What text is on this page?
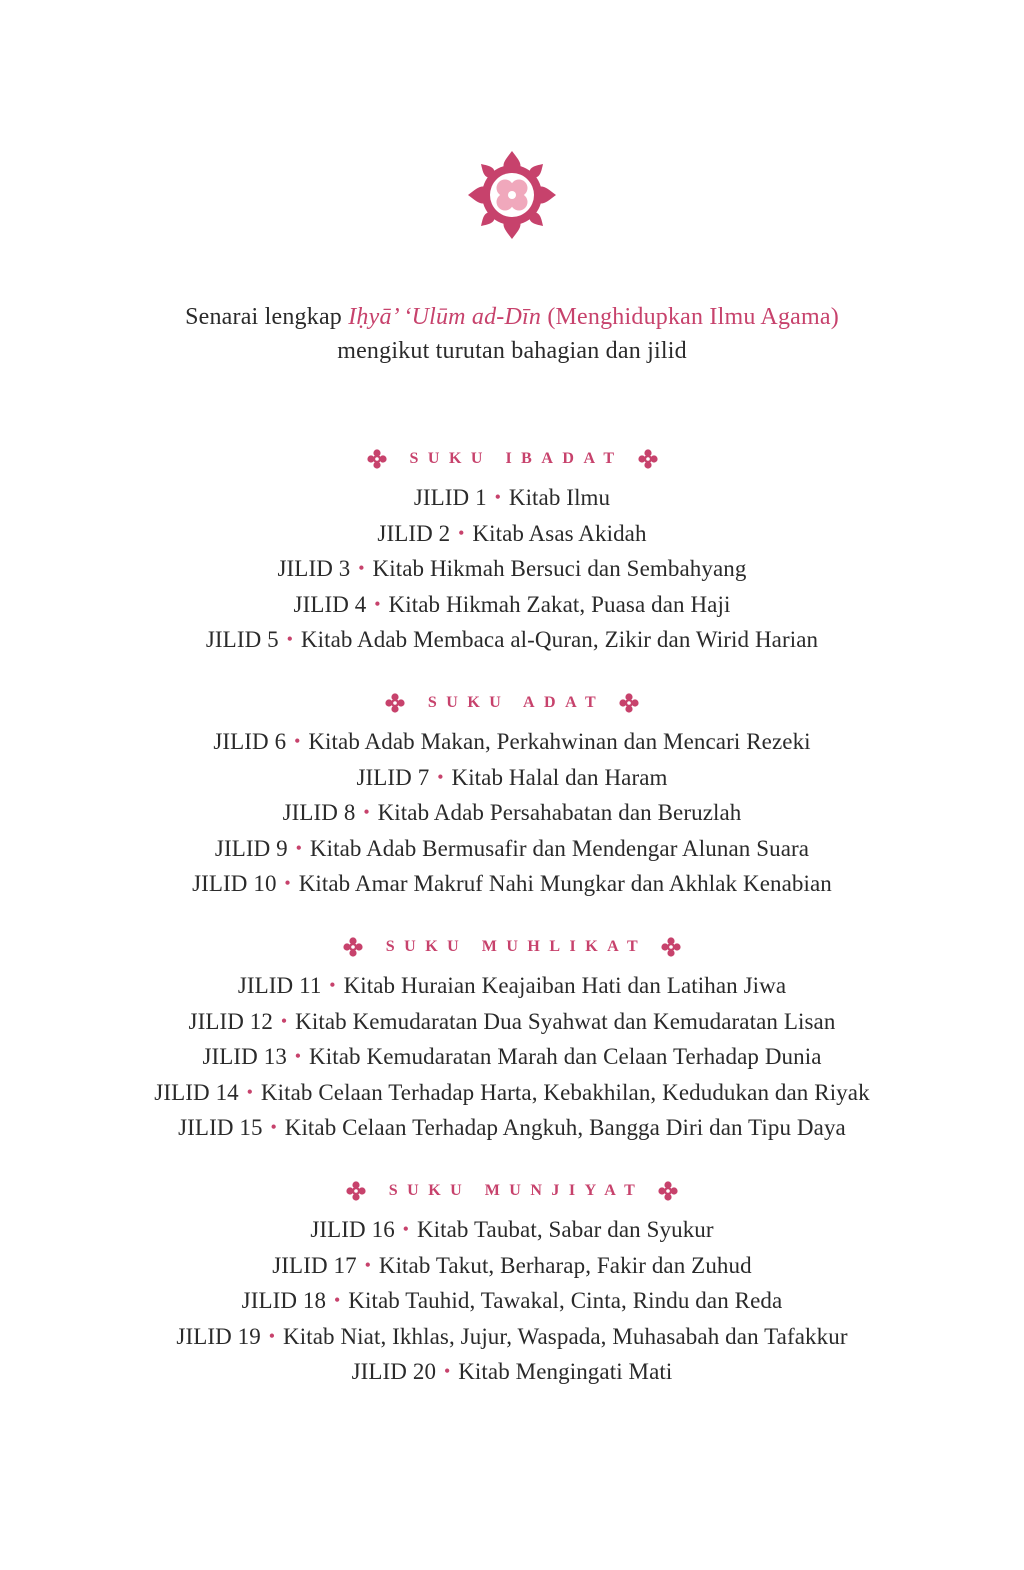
Senarai lengkap Iḥyā’ ‘Ulūm ad-Dīn (Menghidupkan Ilmu Agama)
mengikut turutan bahagian dan jilid
SUKU IBADAT
JILID 1 • Kitab Ilmu
JILID 2 • Kitab Asas Akidah
JILID 3 • Kitab Hikmah Bersuci dan Sembahyang
JILID 4 • Kitab Hikmah Zakat, Puasa dan Haji
JILID 5 • Kitab Adab Membaca al-Quran, Zikir dan Wirid Harian
SUKU ADAT
JILID 6 • Kitab Adab Makan, Perkahwinan dan Mencari Rezeki
JILID 7 • Kitab Halal dan Haram
JILID 8 • Kitab Adab Persahabatan dan Beruzlah
JILID 9 • Kitab Adab Bermusafir dan Mendengar Alunan Suara
JILID 10 • Kitab Amar Makruf Nahi Mungkar dan Akhlak Kenabian
SUKU MUHLIKAT
JILID 11 • Kitab Huraian Keajaiban Hati dan Latihan Jiwa
JILID 12 • Kitab Kemudaratan Dua Syahwat dan Kemudaratan Lisan
JILID 13 • Kitab Kemudaratan Marah dan Celaan Terhadap Dunia
JILID 14 • Kitab Celaan Terhadap Harta, Kebakhilan, Kedudukan dan Riyak
JILID 15 • Kitab Celaan Terhadap Angkuh, Bangga Diri dan Tipu Daya
SUKU MUNJIYAT
JILID 16 • Kitab Taubat, Sabar dan Syukur
JILID 17 • Kitab Takut, Berharap, Fakir dan Zuhud
JILID 18 • Kitab Tauhid, Tawakal, Cinta, Rindu dan Reda
JILID 19 • Kitab Niat, Ikhlas, Jujur, Waspada, Muhasabah dan Tafakkur
JILID 20 • Kitab Mengingati Mati
